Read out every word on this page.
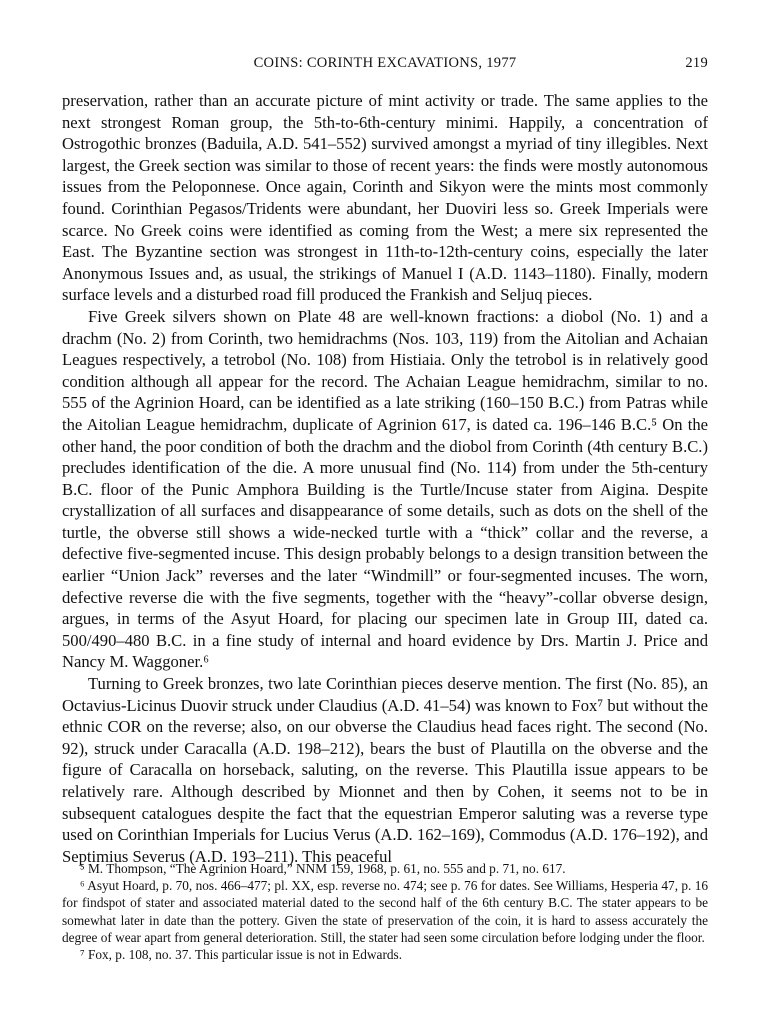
COINS: CORINTH EXCAVATIONS, 1977	219

preservation, rather than an accurate picture of mint activity or trade. The same applies to the next strongest Roman group, the 5th-to-6th-century minimi. Happily, a concentration of Ostrogothic bronzes (Baduila, A.D. 541–552) survived amongst a myriad of tiny illegibles. Next largest, the Greek section was similar to those of recent years: the finds were mostly autonomous issues from the Peloponnese. Once again, Corinth and Sikyon were the mints most commonly found. Corinthian Pegasos/Tridents were abundant, her Duoviri less so. Greek Imperials were scarce. No Greek coins were identified as coming from the West; a mere six represented the East. The Byzantine section was strongest in 11th-to-12th-century coins, especially the later Anonymous Issues and, as usual, the strikings of Manuel I (A.D. 1143–1180). Finally, modern surface levels and a disturbed road fill produced the Frankish and Seljuq pieces.

Five Greek silvers shown on Plate 48 are well-known fractions: a diobol (No. 1) and a drachm (No. 2) from Corinth, two hemidrachms (Nos. 103, 119) from the Aitolian and Achaian Leagues respectively, a tetrobol (No. 108) from Histiaia. Only the tetrobol is in relatively good condition although all appear for the record. The Achaian League hemidrachm, similar to no. 555 of the Agrinion Hoard, can be identified as a late striking (160–150 B.C.) from Patras while the Aitolian League hemidrachm, duplicate of Agrinion 617, is dated ca. 196–146 B.C.⁵ On the other hand, the poor condition of both the drachm and the diobol from Corinth (4th century B.C.) precludes identification of the die. A more unusual find (No. 114) from under the 5th-century B.C. floor of the Punic Amphora Building is the Turtle/Incuse stater from Aigina. Despite crystallization of all surfaces and disappearance of some details, such as dots on the shell of the turtle, the obverse still shows a wide-necked turtle with a “thick” collar and the reverse, a defective five-segmented incuse. This design probably belongs to a design transition between the earlier “Union Jack” reverses and the later “Windmill” or four-segmented incuses. The worn, defective reverse die with the five segments, together with the “heavy”-collar obverse design, argues, in terms of the Asyut Hoard, for placing our specimen late in Group III, dated ca. 500/490–480 B.C. in a fine study of internal and hoard evidence by Drs. Martin J. Price and Nancy M. Waggoner.⁶

Turning to Greek bronzes, two late Corinthian pieces deserve mention. The first (No. 85), an Octavius-Licinus Duovir struck under Claudius (A.D. 41–54) was known to Fox⁷ but without the ethnic COR on the reverse; also, on our obverse the Claudius head faces right. The second (No. 92), struck under Caracalla (A.D. 198–212), bears the bust of Plautilla on the obverse and the figure of Caracalla on horseback, saluting, on the reverse. This Plautilla issue appears to be relatively rare. Although described by Mionnet and then by Cohen, it seems not to be in subsequent catalogues despite the fact that the equestrian Emperor saluting was a reverse type used on Corinthian Imperials for Lucius Verus (A.D. 162–169), Commodus (A.D. 176–192), and Septimius Severus (A.D. 193–211). This peaceful

⁵ M. Thompson, “The Agrinion Hoard,” NNM 159, 1968, p. 61, no. 555 and p. 71, no. 617.

⁶ Asyut Hoard, p. 70, nos. 466–477; pl. XX, esp. reverse no. 474; see p. 76 for dates. See Williams, Hesperia 47, p. 16 for findspot of stater and associated material dated to the second half of the 6th century B.C. The stater appears to be somewhat later in date than the pottery. Given the state of preservation of the coin, it is hard to assess accurately the degree of wear apart from general deterioration. Still, the stater had seen some circulation before lodging under the floor.

⁷ Fox, p. 108, no. 37. This particular issue is not in Edwards.
